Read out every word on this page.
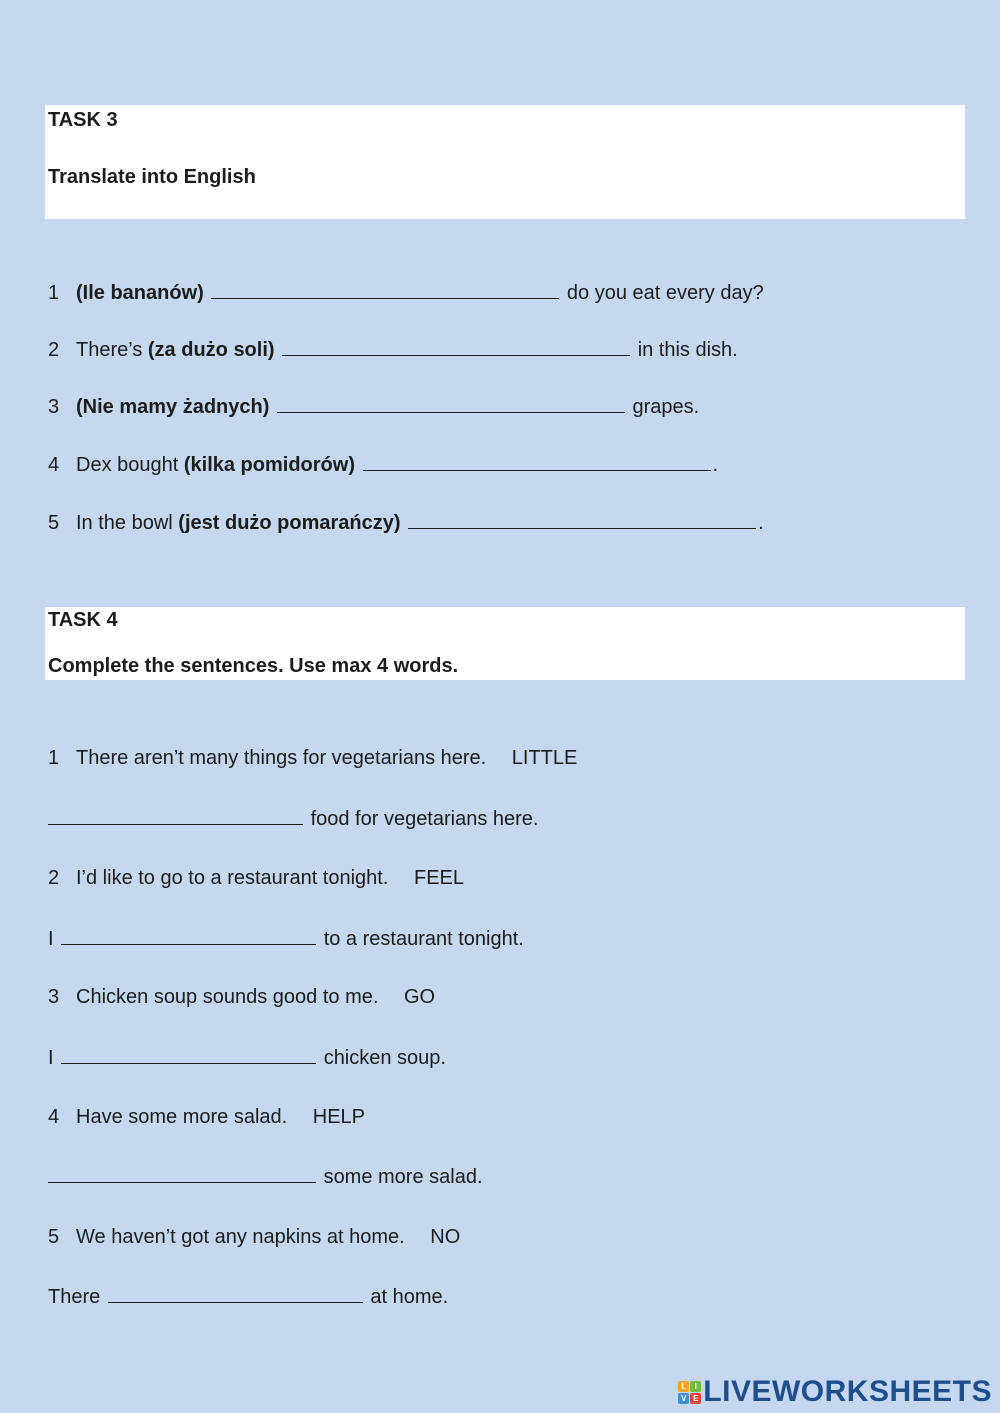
TASK 3
Translate into English
1 (Ile bananów)	do you eat every day?
2 There’s (za dużo soli)	in this dish.
3 (Nie mamy żadnych)	grapes.
4 Dex bought (kilka pomidorów)	.
5 In the bowl (jest dużo pomarańczy)	.
TASK 4
Complete the sentences. Use max 4 words.
1 There aren’t many things for vegetarians here. LITTLE
food for vegetarians here.
2 I’d like to go to a restaurant tonight. FEEL
I	to a restaurant tonight.
3 Chicken soup sounds good to me. GO
I	chicken soup.
4 Have some more salad. HELP
some more salad.
5 We haven’t got any napkins at home. NO
There	at home.
L	I
V E LIVEWORKSHEETS
